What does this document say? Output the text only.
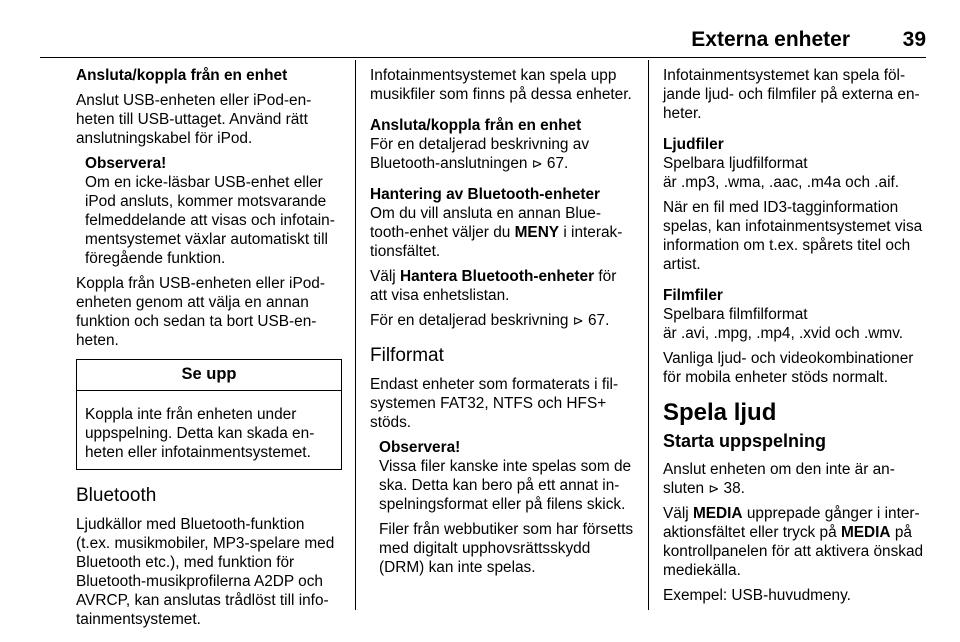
Externa enheter	39

Ansluta/koppla från en enhet

Anslut USB-enheten eller iPod-enheten till USB-uttaget. Använd rätt anslutningskabel för iPod.

Observera!

Om en icke-läsbar USB-enhet eller iPod ansluts, kommer motsvarande felmeddelande att visas och infotainmentsystemet växlar automatiskt till föregående funktion.

Koppla från USB-enheten eller iPod-enheten genom att välja en annan funktion och sedan ta bort USB-enheten.

Se upp
Koppla inte från enheten under uppspelning. Detta kan skada enheten eller infotainmentsystemet.
Bluetooth

Ljudkällor med Bluetooth-funktion (t.ex. musikmobiler, MP3-spelare med Bluetooth etc.), med funktion för Bluetooth-musikprofilerna A2DP och AVRCP, kan anslutas trådlöst till infotainmentsystemet.

Infotainmentsystemet kan spela upp musikfiler som finns på dessa enheter.

Ansluta/koppla från en enhet

För en detaljerad beskrivning av Bluetooth-anslutningen ⊳ 67.

Hantering av Bluetooth-enheter

Om du vill ansluta en annan Bluetooth-enhet väljer du MENY i interaktionsfältet.

Välj Hantera Bluetooth-enheter för att visa enhetslistan.

För en detaljerad beskrivning ⊳ 67.

Filformat

Endast enheter som formaterats i filsystemen FAT32, NTFS och HFS+ stöds.

Observera!

Vissa filer kanske inte spelas som de ska. Detta kan bero på ett annat inspelningsformat eller på filens skick.

Filer från webbutiker som har försetts med digitalt upphovsrättsskydd (DRM) kan inte spelas.

Infotainmentsystemet kan spela följande ljud- och filmfiler på externa enheter.

Ljudfiler
Spelbara ljudfilformat

är .mp3, .wma, .aac, .m4a och .aif.

När en fil med ID3-tagginformation spelas, kan infotainmentsystemet visa information om t.ex. spårets titel och artist.

Filmfiler
Spelbara filmfilformat

är .avi, .mpg, .mp4, .xvid och .wmv.

Vanliga ljud- och videokombinationer för mobila enheter stöds normalt.

Spela ljud
Starta uppspelning

Anslut enheten om den inte är ansluten ⊳ 38.

Välj MEDIA upprepade gånger i interaktionsfältet eller tryck på MEDIA på kontrollpanelen för att aktivera önskad mediekälla.

Exempel: USB-huvudmeny.
